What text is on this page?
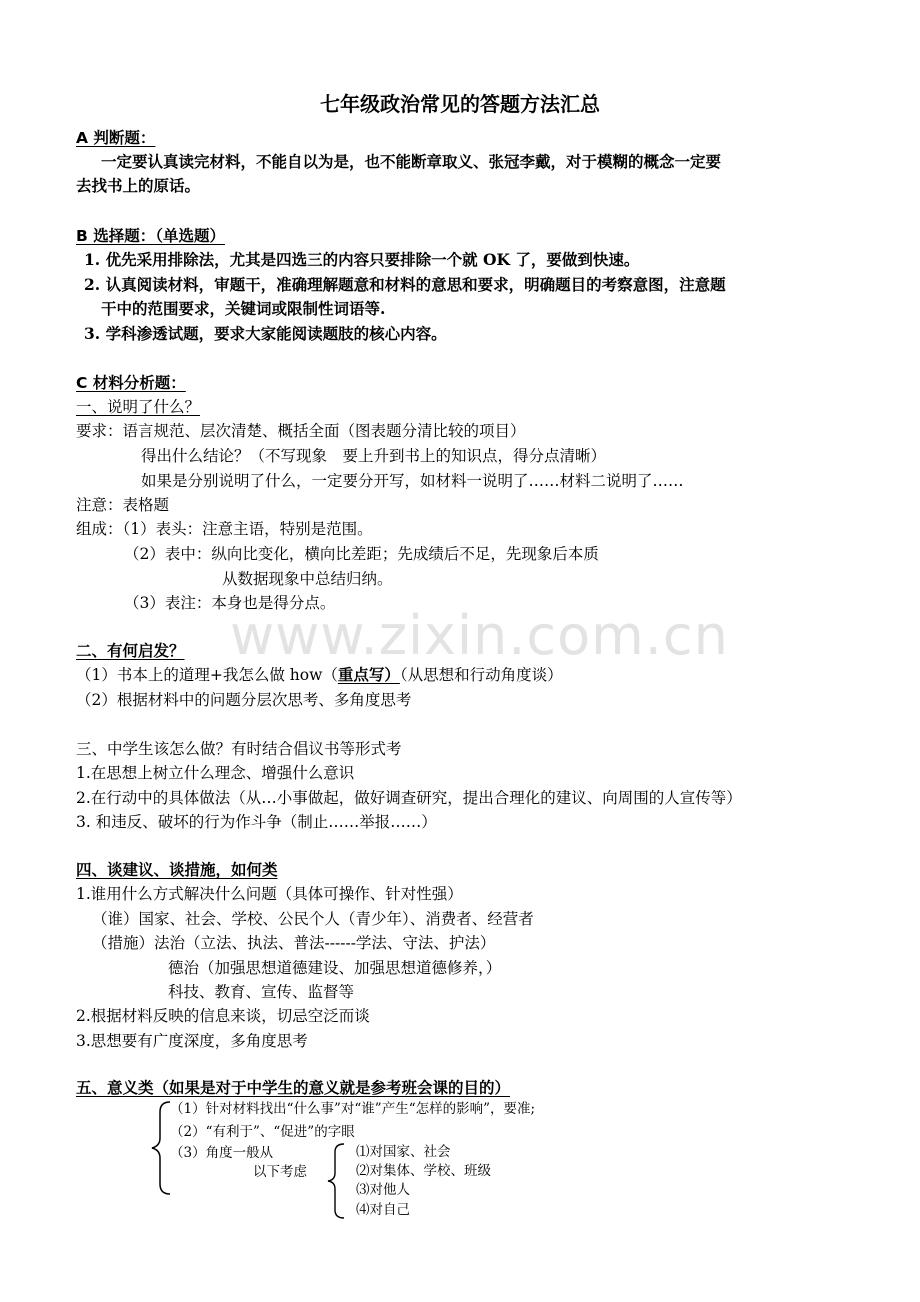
七年级政治常见的答题方法汇总
www.zixin.com.cn
A 判断题：
一定要认真读完材料，不能自以为是，也不能断章取义、张冠李戴，对于模糊的概念一定要
去找书上的原话。
B 选择题：（单选题）
1. 优先采用排除法，尤其是四选三的内容只要排除一个就 OK 了，要做到快速。
2. 认真阅读材料，审题干，准确理解题意和材料的意思和要求，明确题目的考察意图，注意题
干中的范围要求，关键词或限制性词语等.
3. 学科渗透试题，要求大家能阅读题肢的核心内容。
C 材料分析题：
一、说明了什么？
要求：语言规范、层次清楚、概括全面（图表题分清比较的项目）
得出什么结论？（不写现象　要上升到书上的知识点，得分点清晰）
如果是分别说明了什么，一定要分开写，如材料一说明了……材料二说明了……
注意：表格题
组成：（1）表头：注意主语，特别是范围。
（2）表中：纵向比变化，横向比差距；先成绩后不足，先现象后本质
从数据现象中总结归纳。
（3）表注：本身也是得分点。
二、有何启发？
（1）书本上的道理+我怎么做 how（重点写）（从思想和行动角度谈）
（2）根据材料中的问题分层次思考、多角度思考
三、中学生该怎么做？有时结合倡议书等形式考
1.在思想上树立什么理念、增强什么意识
2.在行动中的具体做法（从…小事做起，做好调查研究，提出合理化的建议、向周围的人宣传等）
3. 和违反、破坏的行为作斗争（制止……举报……）
四、谈建议、谈措施，如何类
1.谁用什么方式解决什么问题（具体可操作、针对性强）
（谁）国家、社会、学校、公民个人（青少年）、消费者、经营者
（措施）法治（立法、执法、普法------学法、守法、护法）
德治（加强思想道德建设、加强思想道德修养，）
科技、教育、宣传、监督等
2.根据材料反映的信息来谈，切忌空泛而谈
3.思想要有广度深度，多角度思考
五、意义类（如果是对于中学生的意义就是参考班会课的目的）
（1）针对材料找出“什么事”对“谁”产生“怎样的影响”，要准;
（2）“有利于”、“促进”的字眼
（3）角度一般从
以下考虑
⑴对国家、社会
⑵对集体、学校、班级
⑶对他人
⑷对自己
